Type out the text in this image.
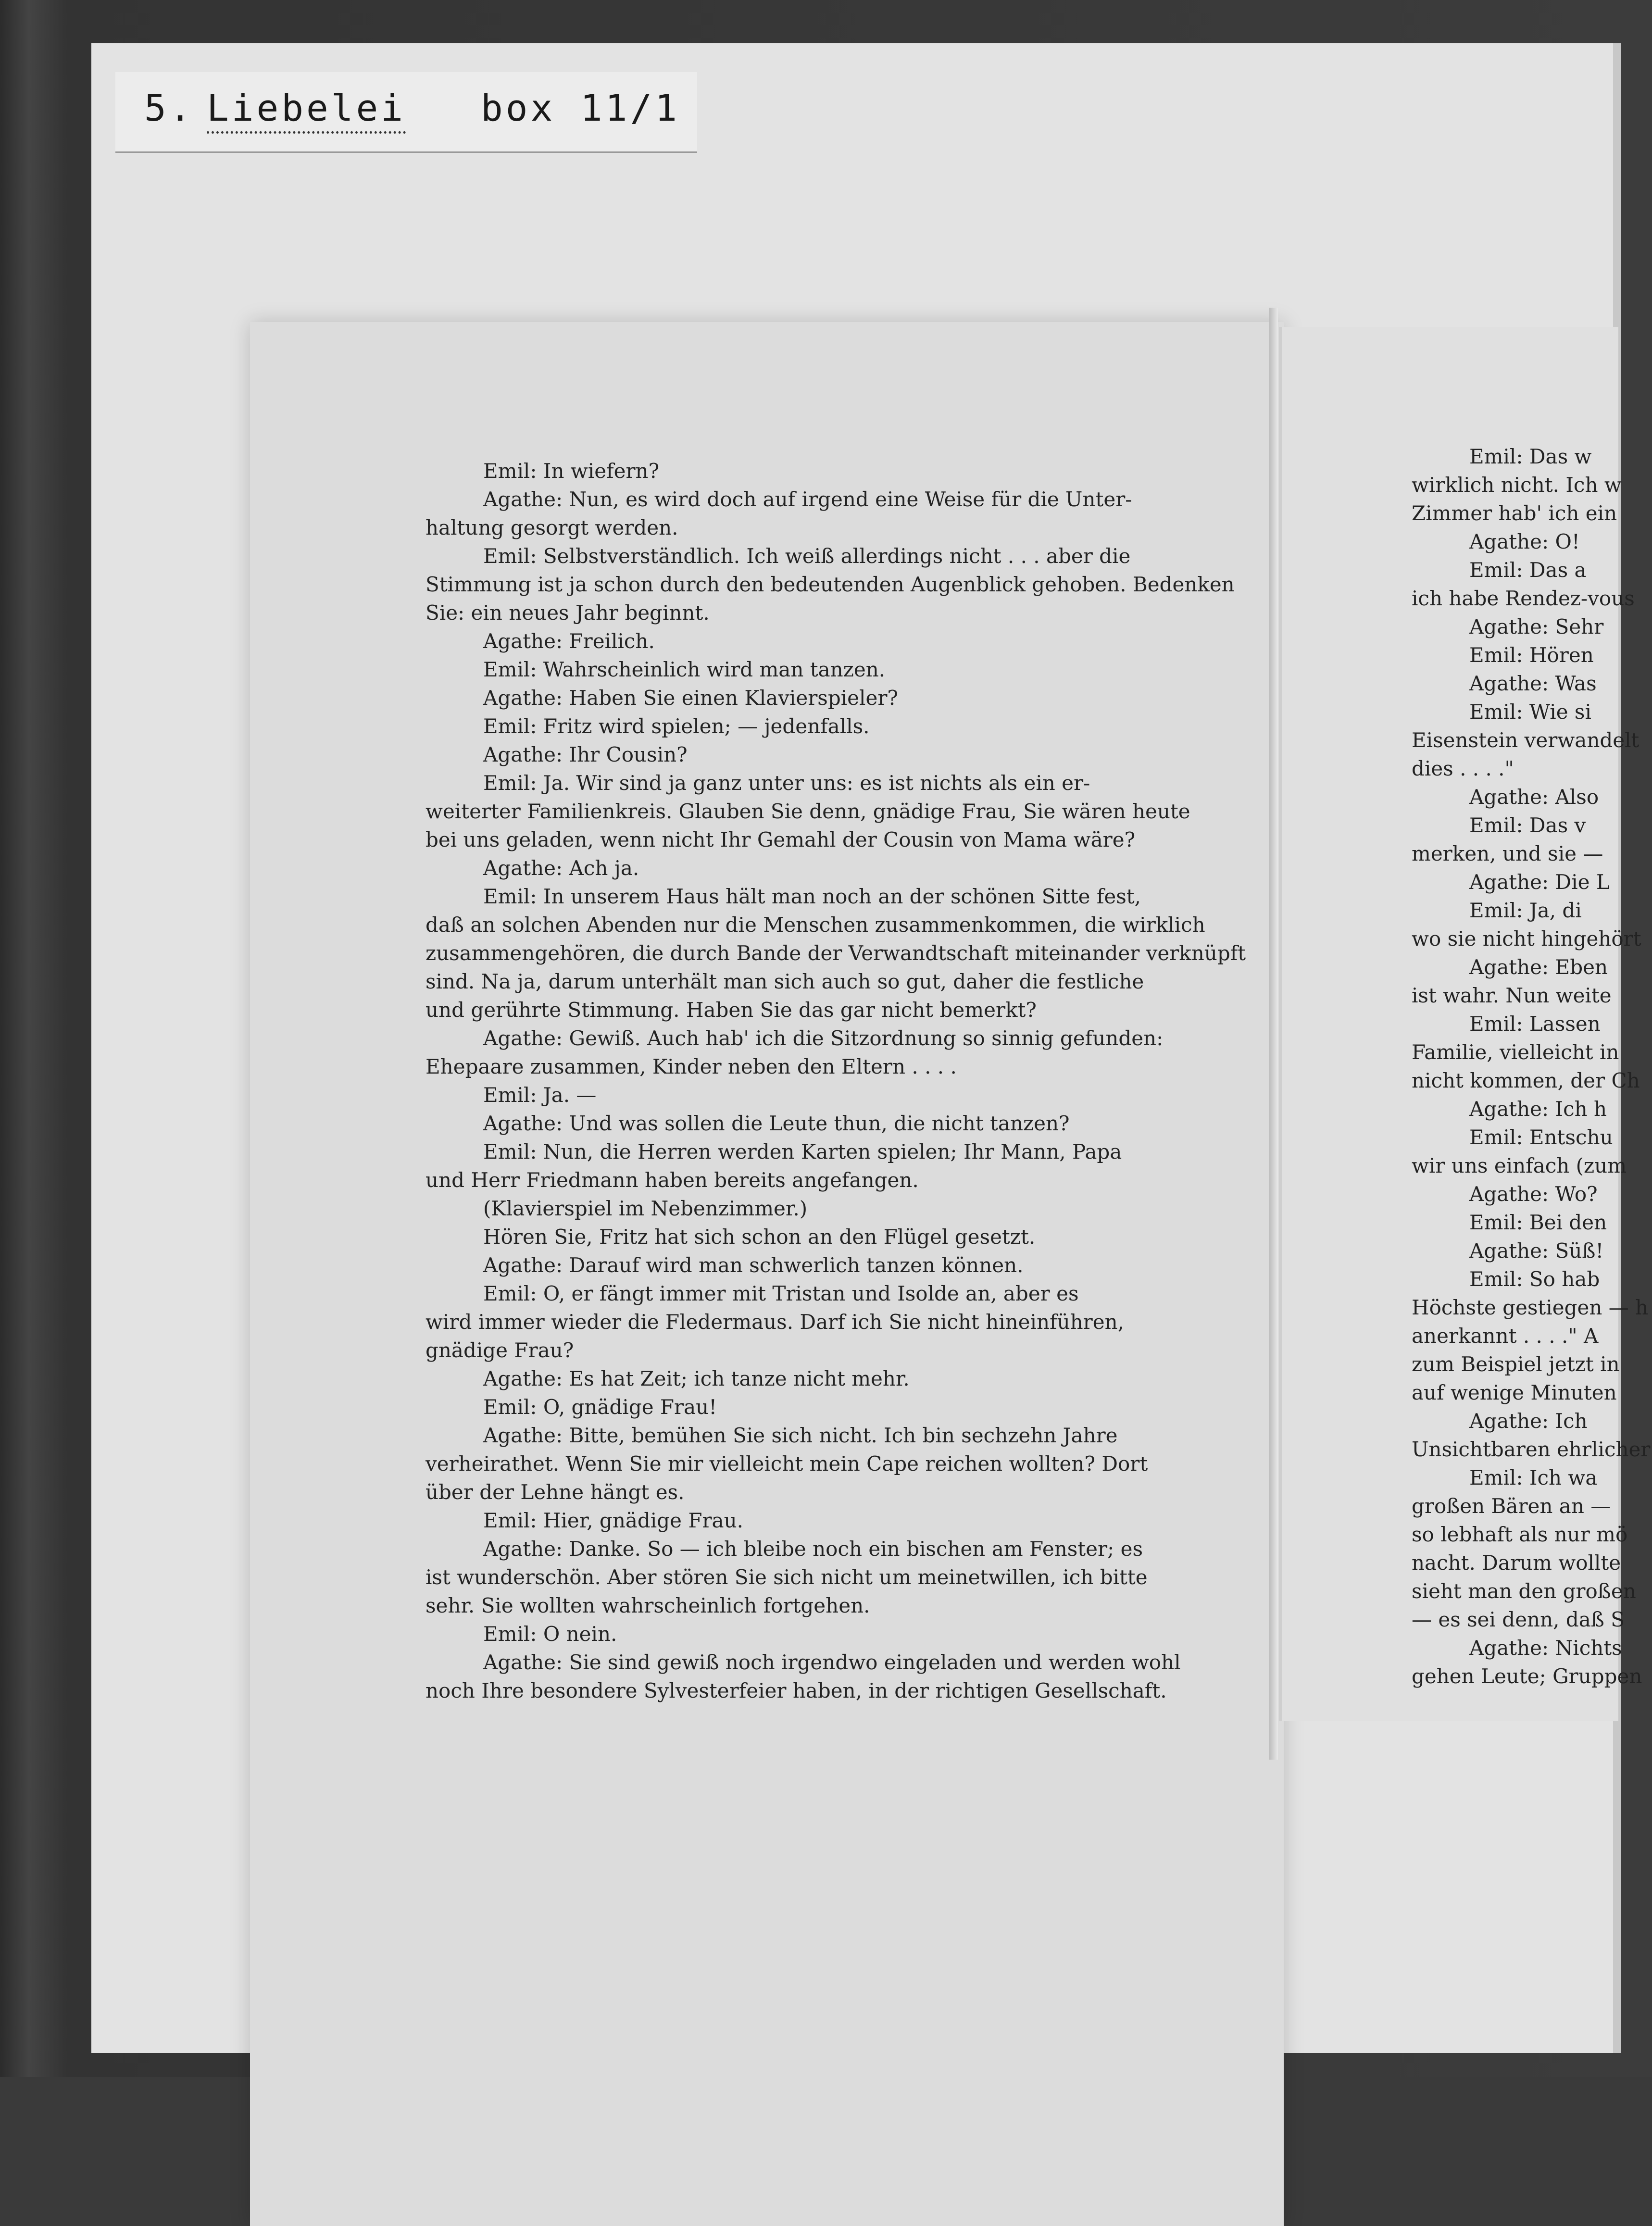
5. Liebelei box 11/1
Emil: In wiefern?
Agathe: Nun, es wird doch auf irgend eine Weise für die Unter-
haltung gesorgt werden.
Emil: Selbstverständlich. Ich weiß allerdings nicht . . . aber die
Stimmung ist ja schon durch den bedeutenden Augenblick gehoben. Bedenken
Sie: ein neues Jahr beginnt.
Agathe: Freilich.
Emil: Wahrscheinlich wird man tanzen.
Agathe: Haben Sie einen Klavierspieler?
Emil: Fritz wird spielen; — jedenfalls.
Agathe: Ihr Cousin?
Emil: Ja. Wir sind ja ganz unter uns: es ist nichts als ein er-
weiterter Familienkreis. Glauben Sie denn, gnädige Frau, Sie wären heute
bei uns geladen, wenn nicht Ihr Gemahl der Cousin von Mama wäre?
Agathe: Ach ja.
Emil: In unserem Haus hält man noch an der schönen Sitte fest,
daß an solchen Abenden nur die Menschen zusammenkommen, die wirklich
zusammengehören, die durch Bande der Verwandtschaft miteinander verknüpft
sind. Na ja, darum unterhält man sich auch so gut, daher die festliche
und gerührte Stimmung. Haben Sie das gar nicht bemerkt?
Agathe: Gewiß. Auch hab' ich die Sitzordnung so sinnig gefunden:
Ehepaare zusammen, Kinder neben den Eltern . . . .
Emil: Ja. —
Agathe: Und was sollen die Leute thun, die nicht tanzen?
Emil: Nun, die Herren werden Karten spielen; Ihr Mann, Papa
und Herr Friedmann haben bereits angefangen.
(Klavierspiel im Nebenzimmer.)
Hören Sie, Fritz hat sich schon an den Flügel gesetzt.
Agathe: Darauf wird man schwerlich tanzen können.
Emil: O, er fängt immer mit Tristan und Isolde an, aber es
wird immer wieder die Fledermaus. Darf ich Sie nicht hineinführen,
gnädige Frau?
Agathe: Es hat Zeit; ich tanze nicht mehr.
Emil: O, gnädige Frau!
Agathe: Bitte, bemühen Sie sich nicht. Ich bin sechzehn Jahre
verheirathet. Wenn Sie mir vielleicht mein Cape reichen wollten? Dort
über der Lehne hängt es.
Emil: Hier, gnädige Frau.
Agathe: Danke. So — ich bleibe noch ein bischen am Fenster; es
ist wunderschön. Aber stören Sie sich nicht um meinetwillen, ich bitte
sehr. Sie wollten wahrscheinlich fortgehen.
Emil: O nein.
Agathe: Sie sind gewiß noch irgendwo eingeladen und werden wohl
noch Ihre besondere Sylvesterfeier haben, in der richtigen Gesellschaft.
Emil: Das w
wirklich nicht. Ich w
Zimmer hab' ich ein
Agathe: O!
Emil: Das a
ich habe Rendez-vous
Agathe: Sehr
Emil: Hören
Agathe: Was
Emil: Wie si
Eisenstein verwandelt
dies . . . ."
Agathe: Also
Emil: Das v
merken, und sie —
Agathe: Die L
Emil: Ja, di
wo sie nicht hingehört
Agathe: Eben
ist wahr. Nun weite
Emil: Lassen
Familie, vielleicht in
nicht kommen, der Ch
Agathe: Ich h
Emil: Entschu
wir uns einfach (zum
Agathe: Wo?
Emil: Bei den
Agathe: Süß!
Emil: So hab
Höchste gestiegen — h
anerkannt . . . ." A
zum Beispiel jetzt in
auf wenige Minuten
Agathe: Ich
Unsichtbaren ehrlicher
Emil: Ich wa
großen Bären an —
so lebhaft als nur mö
nacht. Darum wollte
sieht man den großen
— es sei denn, daß S
Agathe: Nichts
gehen Leute; Gruppen
